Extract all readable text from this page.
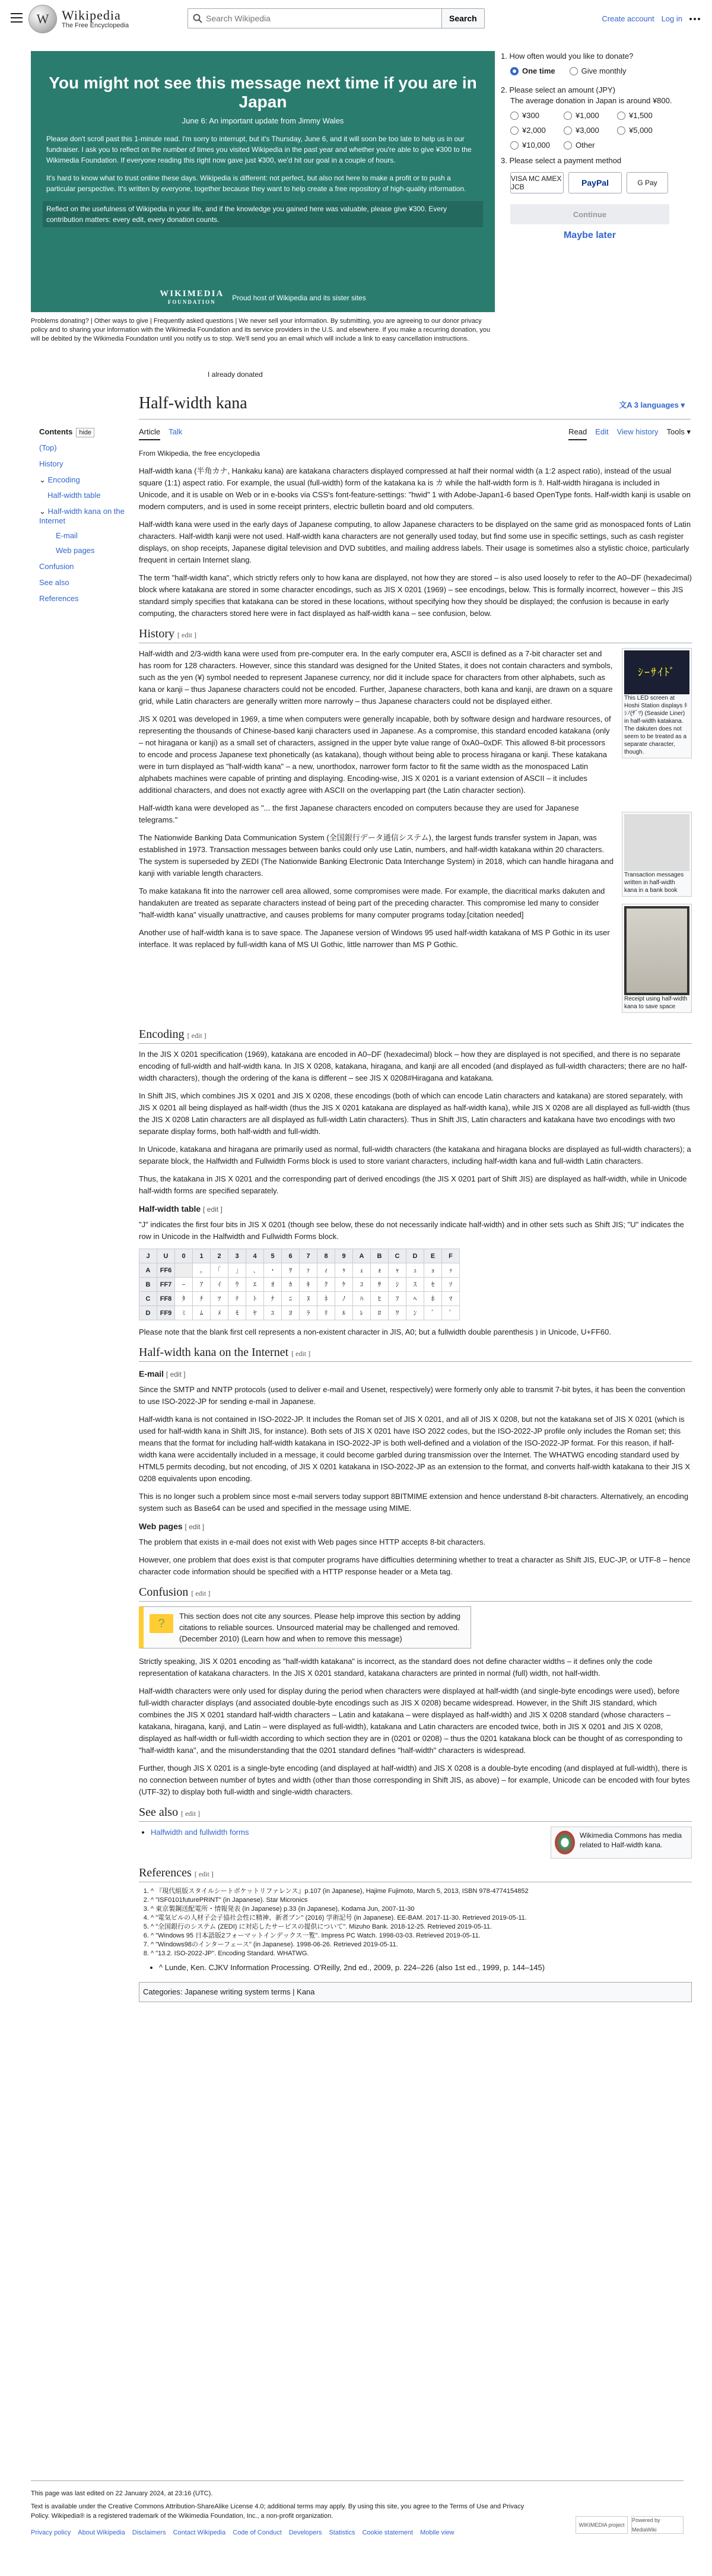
W Wikipedia
The Free Encyclopedia
Search Wikipedia
Search	Create account Log in
You might not see this message next time if you are in Japan
June 6: An important update from Jimmy Wales

Please don't scroll past this 1-minute read. I'm sorry to interrupt, but it's Thursday, June 6, and it will soon be too late to help us in our fundraiser. I ask you to reflect on the number of times you visited Wikipedia in the past year and whether you're able to give ¥300 to the Wikimedia Foundation. If everyone reading this right now gave just ¥300, we'd hit our goal in a couple of hours.

It's hard to know what to trust online these days. Wikipedia is different: not perfect, but also not here to make a profit or to push a particular perspective. It's written by everyone, together because they want to help create a free repository of high-quality information.

Reflect on the usefulness of Wikipedia in your life, and if the knowledge you gained here was valuable, please give ¥300. Every contribution matters: every edit, every donation counts.

WIKIMEDIA
FOUNDATION	Proud host of Wikipedia and its sister sites
1. How often would you like to donate?
One time	Give monthly
2. Please select an amount (JPY)
The average donation in Japan is around ¥800.
¥300	¥1,000	¥1,500
¥2,000	¥3,000	¥5,000
¥10,000	Other
3. Please select a payment method
VISA MC AMEX JCB	PayPal	G Pay
Continue
Maybe later
Problems donating? | Other ways to give | Frequently asked questions | We never sell your information. By submitting, you are agreeing to our donor privacy policy and to sharing your information with the Wikimedia Foundation and its service providers in the U.S. and elsewhere. If you make a recurring donation, you will be debited by the Wikimedia Foundation until you notify us to stop. We'll send you an email which will include a link to easy cancellation instructions.
I already donated
Half-width kana	文A 3 languages ▾
Article Talk	Read Edit View history Tools ▾
Contents hide
(Top)
History
⌄ Encoding
Half-width table
⌄ Half-width kana on the Internet
E-mail
Web pages
Confusion
See also
References

From Wikipedia, the free encyclopedia

Half-width kana (半角カナ, Hankaku kana) are katakana characters displayed compressed at half their normal width (a 1:2 aspect ratio), instead of the usual square (1:1) aspect ratio. For example, the usual (full-width) form of the katakana ka is カ while the half-width form is ｶ. Half-width hiragana is included in Unicode, and it is usable on Web or in e-books via CSS's font-feature-settings: "hwid" 1 with Adobe-Japan1-6 based OpenType fonts. Half-width kanji is usable on modern computers, and is used in some receipt printers, electric bulletin board and old computers.

Half-width kana were used in the early days of Japanese computing, to allow Japanese characters to be displayed on the same grid as monospaced fonts of Latin characters. Half-width kanji were not used. Half-width kana characters are not generally used today, but find some use in specific settings, such as cash register displays, on shop receipts, Japanese digital television and DVD subtitles, and mailing address labels. Their usage is sometimes also a stylistic choice, particularly frequent in certain Internet slang.

The term "half-width kana", which strictly refers only to how kana are displayed, not how they are stored – is also used loosely to refer to the A0–DF (hexadecimal) block where katakana are stored in some character encodings, such as JIS X 0201 (1969) – see encodings, below. This is formally incorrect, however – this JIS standard simply specifies that katakana can be stored in these locations, without specifying how they should be displayed; the confusion is because in early computing, the characters stored here were in fact displayed as half-width kana – see confusion, below.

History [ edit ]

Half-width and 2/3-width kana were used from pre-computer era. In the early computer era, ASCII is defined as a 7-bit character set and has room for 128 characters. However, since this standard was designed for the United States, it does not contain characters and symbols, such as the yen (¥) symbol needed to represent Japanese currency, nor did it include space for characters from other alphabets, such as kana or kanji – thus Japanese characters could not be encoded. Further, Japanese characters, both kana and kanji, are drawn on a square grid, while Latin characters are generally written more narrowly – thus Japanese characters could not be displayed either.

JIS X 0201 was developed in 1969, a time when computers were generally incapable, both by software design and hardware resources, of representing the thousands of Chinese-based kanji characters used in Japanese. As a compromise, this standard encoded katakana (only – not hiragana or kanji) as a small set of characters, assigned in the upper byte value range of 0xA0–0xDF. This allowed 8-bit processors to encode and process Japanese text phonetically (as katakana), though without being able to process hiragana or kanji. These katakana were in turn displayed as "half-width kana" – a new, unorthodox, narrower form factor to fit the same width as the monospaced Latin alphabets machines were capable of printing and displaying. Encoding-wise, JIS X 0201 is a variant extension of ASCII – it includes additional characters, and does not exactly agree with ASCII on the overlapping part (the Latin character section).

Half-width kana were developed as "... the first Japanese characters encoded on computers because they are used for Japanese telegrams."

The Nationwide Banking Data Communication System (全国銀行データ通信システム), the largest funds transfer system in Japan, was established in 1973. Transaction messages between banks could only use Latin, numbers, and half-width katakana within 20 characters. The system is superseded by ZEDI (The Nationwide Banking Electronic Data Interchange System) in 2018, which can handle hiragana and kanji with variable length characters.

To make katakana fit into the narrower cell area allowed, some compromises were made. For example, the diacritical marks dakuten and handakuten are treated as separate characters instead of being part of the preceding character. This compromise led many to consider "half-width kana" visually unattractive, and causes problems for many computer programs today.[citation needed]

Another use of half-width kana is to save space. The Japanese version of Windows 95 used half-width katakana of MS P Gothic in its user interface. It was replaced by full-width kana of MS UI Gothic, little narrower than MS P Gothic.

ｼｰｻｲﾄﾞ
This LED screen at Hoshi Station displays ﾎｼﾉ(ｻﾞﾂ) (Seaside Liner) in half-width katakana. The dakuten does not seem to be treated as a separate character, though.
Transaction messages written in half-width kana in a bank book
Receipt using half-width kana to save space
Encoding [ edit ]

In the JIS X 0201 specification (1969), katakana are encoded in A0–DF (hexadecimal) block – how they are displayed is not specified, and there is no separate encoding of full-width and half-width kana. In JIS X 0208, katakana, hiragana, and kanji are all encoded (and displayed as full-width characters; there are no half-width characters), though the ordering of the kana is different – see JIS X 0208#Hiragana and katakana.

In Shift JIS, which combines JIS X 0201 and JIS X 0208, these encodings (both of which can encode Latin characters and katakana) are stored separately, with JIS X 0201 all being displayed as half-width (thus the JIS X 0201 katakana are displayed as half-width kana), while JIS X 0208 are all displayed as full-width (thus the JIS X 0208 Latin characters are all displayed as full-width Latin characters). Thus in Shift JIS, Latin characters and katakana have two encodings with two separate display forms, both half-width and full-width.

In Unicode, katakana and hiragana are primarily used as normal, full-width characters (the katakana and hiragana blocks are displayed as full-width characters); a separate block, the Halfwidth and Fullwidth Forms block is used to store variant characters, including half-width kana and full-width Latin characters.

Thus, the katakana in JIS X 0201 and the corresponding part of derived encodings (the JIS X 0201 part of Shift JIS) are displayed as half-width, while in Unicode half-width forms are specified separately.

Half-width table [ edit ]

"J" indicates the first four bits in JIS X 0201 (though see below, these do not necessarily indicate half-width) and in other sets such as Shift JIS; "U" indicates the row in Unicode in the Halfwidth and Fullwidth Forms block.

J	U	0	1	2	3	4	5	6	7	8	9	A	B	C	D	E	F
A	FF6		｡	｢	｣	､	･	ｦ	ｧ	ｨ	ｩ	ｪ	ｫ	ｬ	ｭ	ｮ	ｯ
B	FF7	ｰ	ｱ	ｲ	ｳ	ｴ	ｵ	ｶ	ｷ	ｸ	ｹ	ｺ	ｻ	ｼ	ｽ	ｾ	ｿ
C	FF8	ﾀ	ﾁ	ﾂ	ﾃ	ﾄ	ﾅ	ﾆ	ﾇ	ﾈ	ﾉ	ﾊ	ﾋ	ﾌ	ﾍ	ﾎ	ﾏ
D	FF9	ﾐ	ﾑ	ﾒ	ﾓ	ﾔ	ﾕ	ﾖ	ﾗ	ﾘ	ﾙ	ﾚ	ﾛ	ﾜ	ﾝ	ﾞ	ﾟ

Please note that the blank first cell represents a non-existent character in JIS, A0; but a fullwidth double parenthesis ⦆ in Unicode, U+FF60.

Half-width kana on the Internet [ edit ]
E-mail [ edit ]

Since the SMTP and NNTP protocols (used to deliver e-mail and Usenet, respectively) were formerly only able to transmit 7-bit bytes, it has been the convention to use ISO-2022-JP for sending e-mail in Japanese.

Half-width kana is not contained in ISO-2022-JP. It includes the Roman set of JIS X 0201, and all of JIS X 0208, but not the katakana set of JIS X 0201 (which is used for half-width kana in Shift JIS, for instance). Both sets of JIS X 0201 have ISO 2022 codes, but the ISO-2022-JP profile only includes the Roman set; this means that the format for including half-width katakana in ISO-2022-JP is both well-defined and a violation of the ISO-2022-JP format. For this reason, if half-width kana were accidentally included in a message, it could become garbled during transmission over the Internet. The WHATWG encoding standard used by HTML5 permits decoding, but not encoding, of JIS X 0201 katakana in ISO-2022-JP as an extension to the format, and converts half-width katakana to their JIS X 0208 equivalents upon encoding.

This is no longer such a problem since most e-mail servers today support 8BITMIME extension and hence understand 8-bit characters. Alternatively, an encoding system such as Base64 can be used and specified in the message using MIME.

Web pages [ edit ]

The problem that exists in e-mail does not exist with Web pages since HTTP accepts 8-bit characters.

However, one problem that does exist is that computer programs have difficulties determining whether to treat a character as Shift JIS, EUC-JP, or UTF-8 – hence character code information should be specified with a HTTP response header or a Meta tag.

Confusion [ edit ]
?
This section does not cite any sources. Please help improve this section by adding citations to reliable sources. Unsourced material may be challenged and removed. (December 2010) (Learn how and when to remove this message)

Strictly speaking, JIS X 0201 encoding as "half-width katakana" is incorrect, as the standard does not define character widths – it defines only the code representation of katakana characters. In the JIS X 0201 standard, katakana characters are printed in normal (full) width, not half-width.

Half-width characters were only used for display during the period when characters were displayed at half-width (and single-byte encodings were used), before full-width character displays (and associated double-byte encodings such as JIS X 0208) became widespread. However, in the Shift JIS standard, which combines the JIS X 0201 standard half-width characters – Latin and katakana – were displayed as half-width) and JIS X 0208 standard (whose characters – katakana, hiragana, kanji, and Latin – were displayed as full-width), katakana and Latin characters are encoded twice, both in JIS X 0201 and JIS X 0208, displayed as half-width or full-width according to which section they are in (0201 or 0208) – thus the 0201 katakana block can be thought of as corresponding to "half-width kana", and the misunderstanding that the 0201 standard defines "half-width" characters is widespread.

Further, though JIS X 0201 is a single-byte encoding (and displayed at half-width) and JIS X 0208 is a double-byte encoding (and displayed at full-width), there is no connection between number of bytes and width (other than those corresponding in Shift JIS, as above) – for example, Unicode can be encoded with four bytes (UTF-32) to display both full-width and single-width characters.

See also [ edit ]
• Halfwidth and fullwidth forms	Wikimedia Commons has media related to Half-width kana.
References [ edit ]
1. ^ 『現代組版スタイルシートボケットリファレンス』p.107 (in Japanese), Hajime Fujimoto, March 5, 2013, ISBN 978-4774154852
2. ^ "ISF0101futurePRINT" (in Japanese). Star Micronics
3. ^ 東京製鋼送配電所・情報発表 (in Japanese) p.33 (in Japanese), Kodama Jun, 2007-11-30
4. ^ "電気ビルの人材子会子協社会性に精神、新者ブン" (2016) 学術記号 (in Japanese). EE-BAM. 2017-11-30. Retrieved 2019-05-11.
5. ^ "全国銀行のシステム (ZEDI) に対応したサービスの提供について". Mizuho Bank. 2018-12-25. Retrieved 2019-05-11.
6. ^ "Windows 95 日本語版2フォーマットインデックス一覧". Impress PC Watch. 1998-03-03. Retrieved 2019-05-11.
7. ^ "Windows98のインターフェース" (in Japanese). 1998-06-26. Retrieved 2019-05-11.
8. ^ "13.2. ISO-2022-JP". Encoding Standard. WHATWG.
• ^ Lunde, Ken. CJKV Information Processing. O'Reilly, 2nd ed., 2009, p. 224–226 (also 1st ed., 1999, p. 144–145)
Categories: Japanese writing system terms | Kana
This page was last edited on 22 January 2024, at 23:16 (UTC).
Text is available under the Creative Commons Attribution-ShareAlike License 4.0; additional terms may apply. By using this site, you agree to the Terms of Use and Privacy Policy. Wikipedia® is a registered trademark of the Wikimedia Foundation, Inc., a non-profit organization.
Privacy policy About Wikipedia Disclaimers Contact Wikipedia Code of Conduct Developers Statistics Cookie statement Mobile view
WIKIMEDIA project
Powered by MediaWiki
